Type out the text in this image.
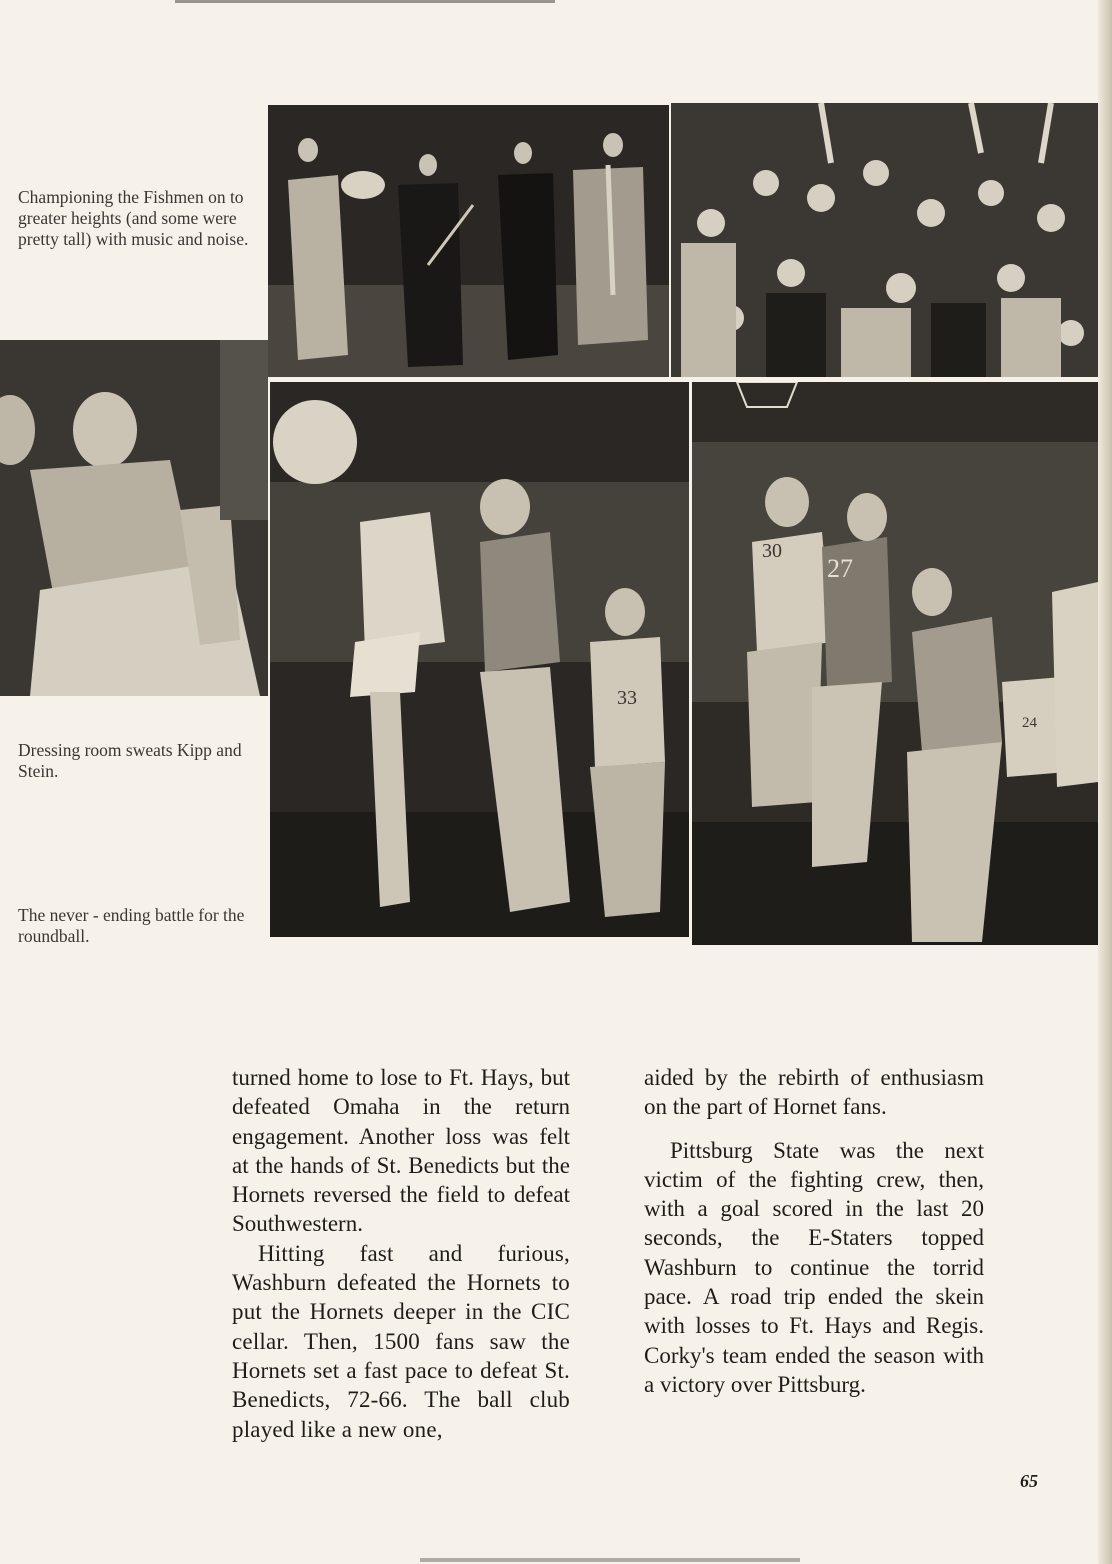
33
30
27
24
Championing the Fishmen on to greater heights (and some were pretty tall) with music and noise.
Dressing room sweats Kipp and Stein.
The never - ending battle for the roundball.

turned home to lose to Ft. Hays, but defeated Omaha in the return engagement. Another loss was felt at the hands of St. Benedicts but the Hornets reversed the field to defeat Southwestern.

Hitting fast and furious, Washburn defeated the Hornets to put the Hornets deeper in the CIC cellar. Then, 1500 fans saw the Hornets set a fast pace to defeat St. Benedicts, 72-66. The ball club played like a new one,

aided by the rebirth of enthusiasm on the part of Hornet fans.

Pittsburg State was the next victim of the fighting crew, then, with a goal scored in the last 20 seconds, the E-Staters topped Washburn to continue the torrid pace. A road trip ended the skein with losses to Ft. Hays and Regis. Corky's team ended the season with a victory over Pittsburg.

65
